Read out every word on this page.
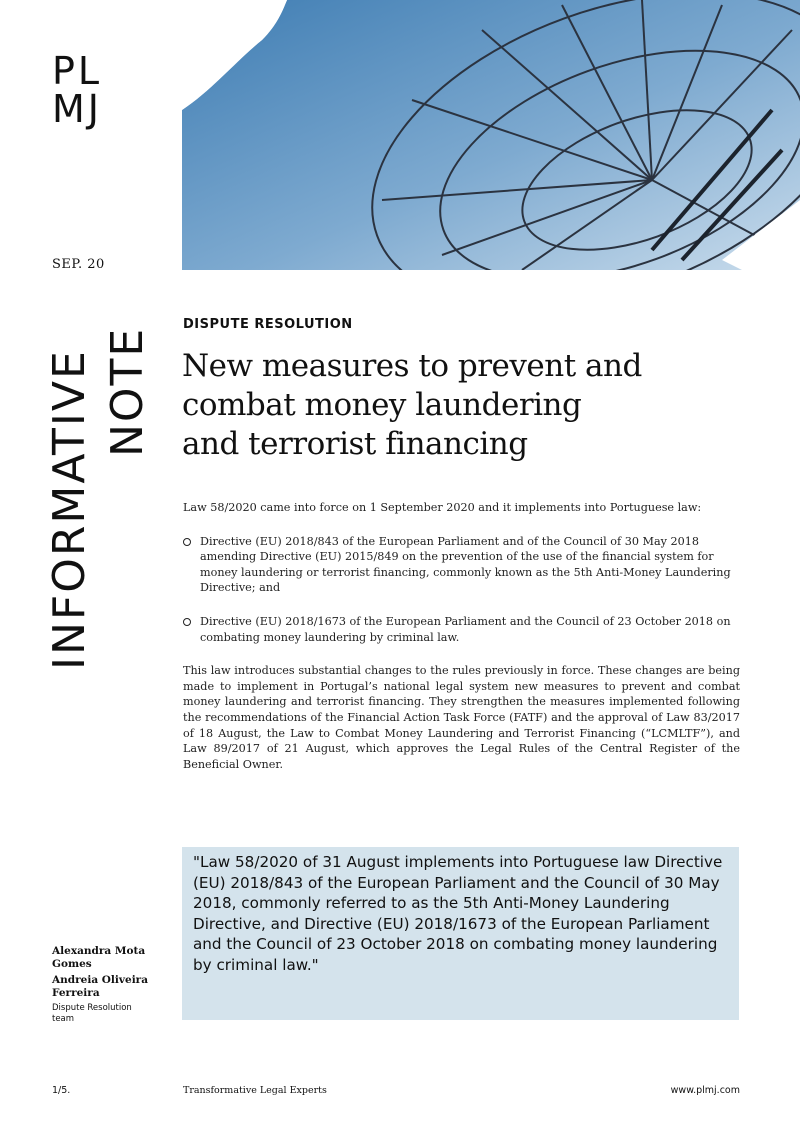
PL
MJ
SEP. 20
INFORMATIVE NOTE
DISPUTE RESOLUTION
New measures to prevent and
combat money laundering
and terrorist financing

Law 58/2020 came into force on 1 September 2020 and it implements into Portuguese law:

Directive (EU) 2018/843 of the European Parliament and of the Council of 30 May 2018 amending Directive (EU) 2015/849 on the prevention of the use of the financial system for money laundering or terrorist financing, commonly known as the 5th Anti-Money Laundering Directive; and
Directive (EU) 2018/1673 of the European Parliament and the Council of 23 October 2018 on combating money laundering by criminal law.

This law introduces substantial changes to the rules previously in force. These changes are being made to implement in Portugal’s national legal system new measures to prevent and combat money laundering and terrorist financing. They strengthen the measures implemented following the recommendations of the Financial Action Task Force (FATF) and the approval of Law 83/2017 of 18 August, the Law to Combat Money Laundering and Terrorist Financing (“LCMLTF”), and Law 89/2017 of 21 August, which approves the Legal Rules of the Central Register of the Beneficial Owner.

"Law 58/2020 of 31 August implements into Portuguese law Directive (EU) 2018/843 of the European Parliament and the Council of 30 May 2018, commonly referred to as the 5th Anti-Money Laundering Directive, and Directive (EU) 2018/1673 of the European Parliament and the Council of 23 October 2018 on combating money laundering by criminal law."
Alexandra Mota Gomes
Andreia Oliveira Ferreira
Dispute Resolution team
1/5.	Transformative Legal Experts	www.plmj.com
